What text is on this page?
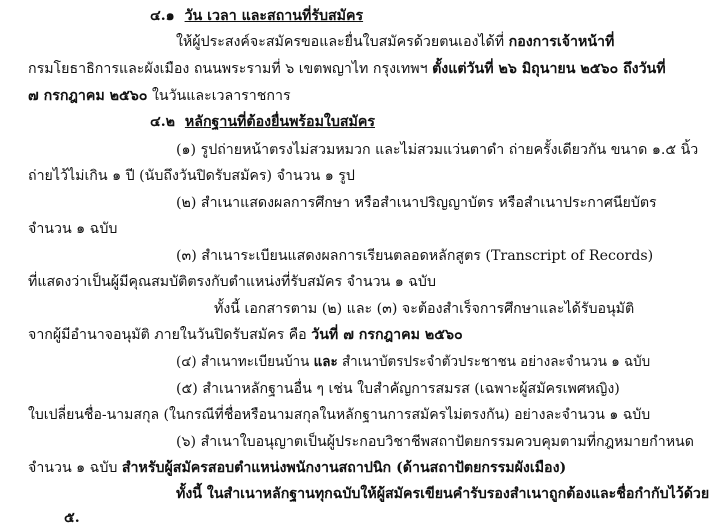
๔.๑ วัน เวลา และสถานที่รับสมัคร
ให้ผู้ประสงค์จะสมัครขอและยื่นใบสมัครด้วยตนเองได้ที่ กองการเจ้าหน้าที่
กรมโยธาธิการและผังเมือง ถนนพระรามที่ ๖ เขตพญาไท กรุงเทพฯ ตั้งแต่วันที่ ๒๖ มิถุนายน ๒๕๖๐ ถึงวันที่
๗ กรกฎาคม ๒๕๖๐ ในวันและเวลาราชการ
๔.๒ หลักฐานที่ต้องยื่นพร้อมใบสมัคร
(๑) รูปถ่ายหน้าตรงไม่สวมหมวก และไม่สวมแว่นตาดำ ถ่ายครั้งเดียวกัน ขนาด ๑.๕ นิ้ว
ถ่ายไว้ไม่เกิน ๑ ปี (นับถึงวันปิดรับสมัคร) จำนวน ๑ รูป
(๒) สำเนาแสดงผลการศึกษา หรือสำเนาปริญญาบัตร หรือสำเนาประกาศนียบัตร
จำนวน ๑ ฉบับ
(๓) สำเนาระเบียนแสดงผลการเรียนตลอดหลักสูตร (Transcript of Records)
ที่แสดงว่าเป็นผู้มีคุณสมบัติตรงกับตำแหน่งที่รับสมัคร จำนวน ๑ ฉบับ
ทั้งนี้ เอกสารตาม (๒) และ (๓) จะต้องสำเร็จการศึกษาและได้รับอนุมัติ
จากผู้มีอำนาจอนุมัติ ภายในวันปิดรับสมัคร คือ วันที่ ๗ กรกฎาคม ๒๕๖๐
(๔) สำเนาทะเบียนบ้าน และ สำเนาบัตรประจำตัวประชาชน อย่างละจำนวน ๑ ฉบับ
(๕) สำเนาหลักฐานอื่น ๆ เช่น ใบสำคัญการสมรส (เฉพาะผู้สมัครเพศหญิง)
ใบเปลี่ยนชื่อ-นามสกุล (ในกรณีที่ชื่อหรือนามสกุลในหลักฐานการสมัครไม่ตรงกัน) อย่างละจำนวน ๑ ฉบับ
(๖) สำเนาใบอนุญาตเป็นผู้ประกอบวิชาชีพสถาปัตยกรรมควบคุมตามที่กฎหมายกำหนด
จำนวน ๑ ฉบับ สำหรับผู้สมัครสอบตำแหน่งพนักงานสถาปนิก (ด้านสถาปัตยกรรมผังเมือง)
ทั้งนี้ ในสำเนาหลักฐานทุกฉบับให้ผู้สมัครเขียนคำรับรองสำเนาถูกต้องและชื่อกำกับไว้ด้วย
๕.
